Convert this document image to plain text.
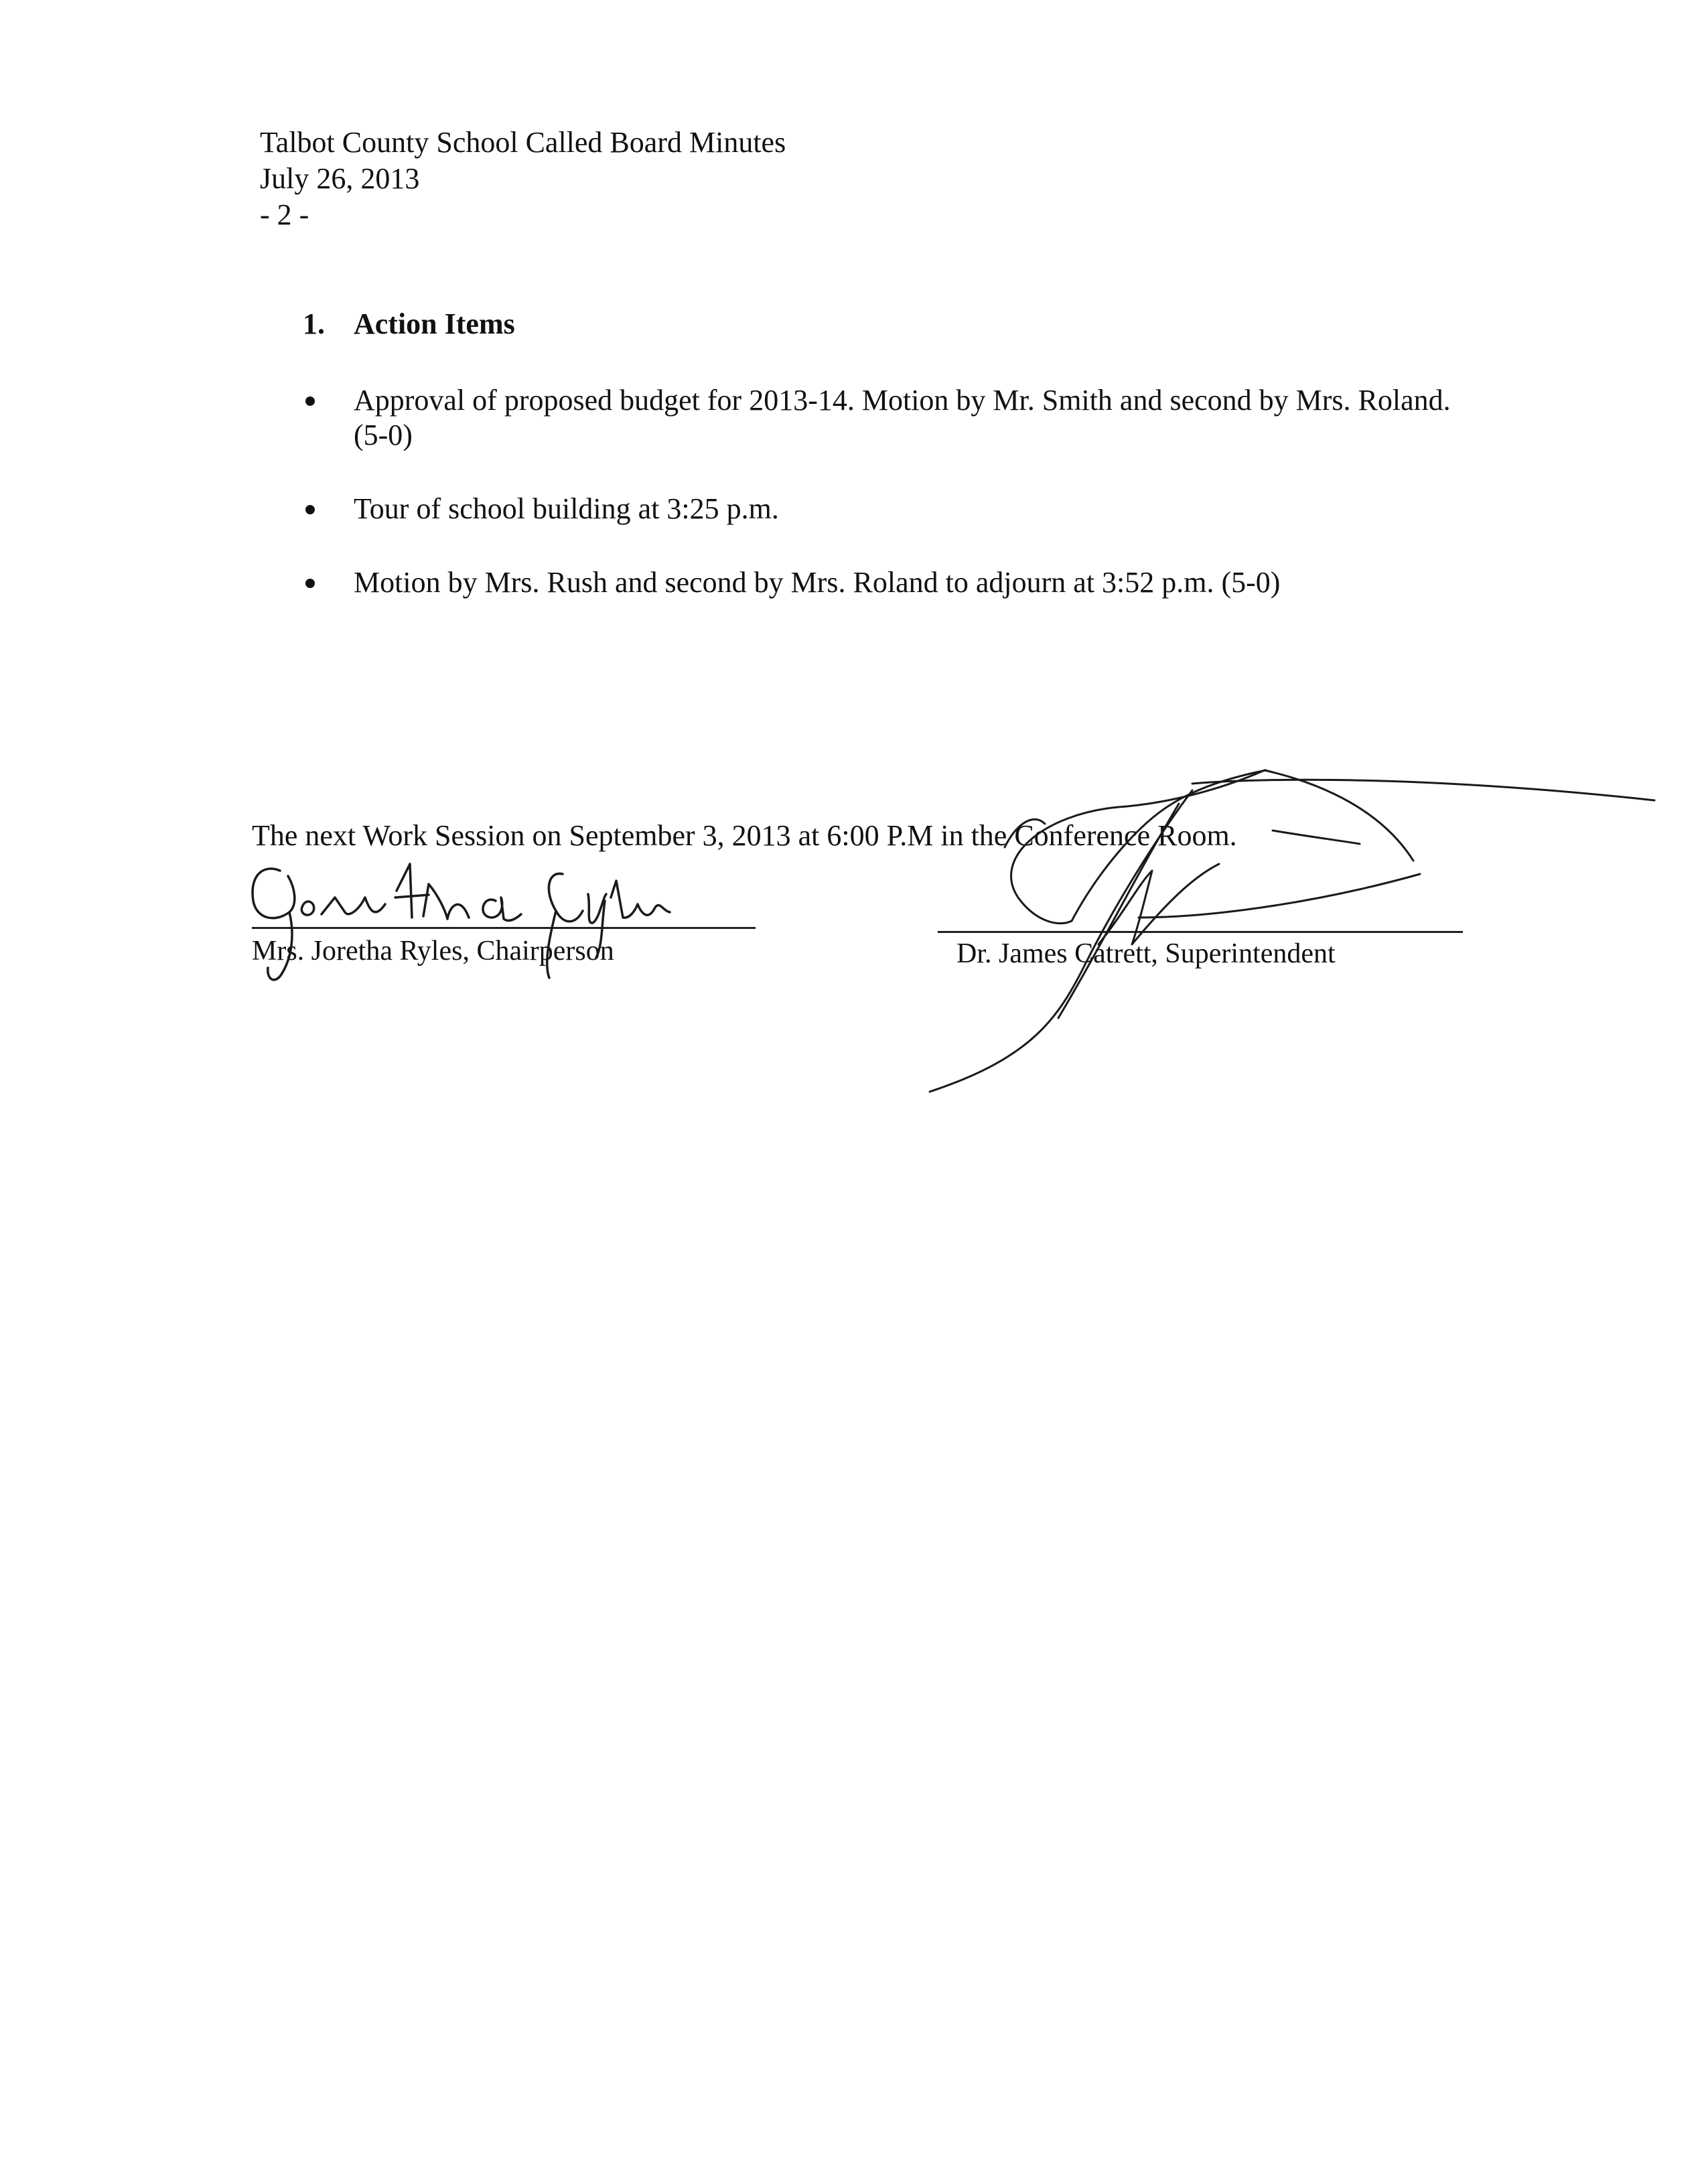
Talbot County School Called Board Minutes
July 26, 2013
- 2 -
1. Action Items
Approval of proposed budget for 2013-14. Motion by Mr. Smith and second by Mrs. Roland. (5-0)
Tour of school building at 3:25 p.m.
Motion by Mrs. Rush and second by Mrs. Roland to adjourn at 3:52 p.m. (5-0)
The next Work Session on September 3, 2013 at 6:00 P.M in the Conference Room.
Mrs. Joretha Ryles, Chairperson	Dr. James Catrett, Superintendent
